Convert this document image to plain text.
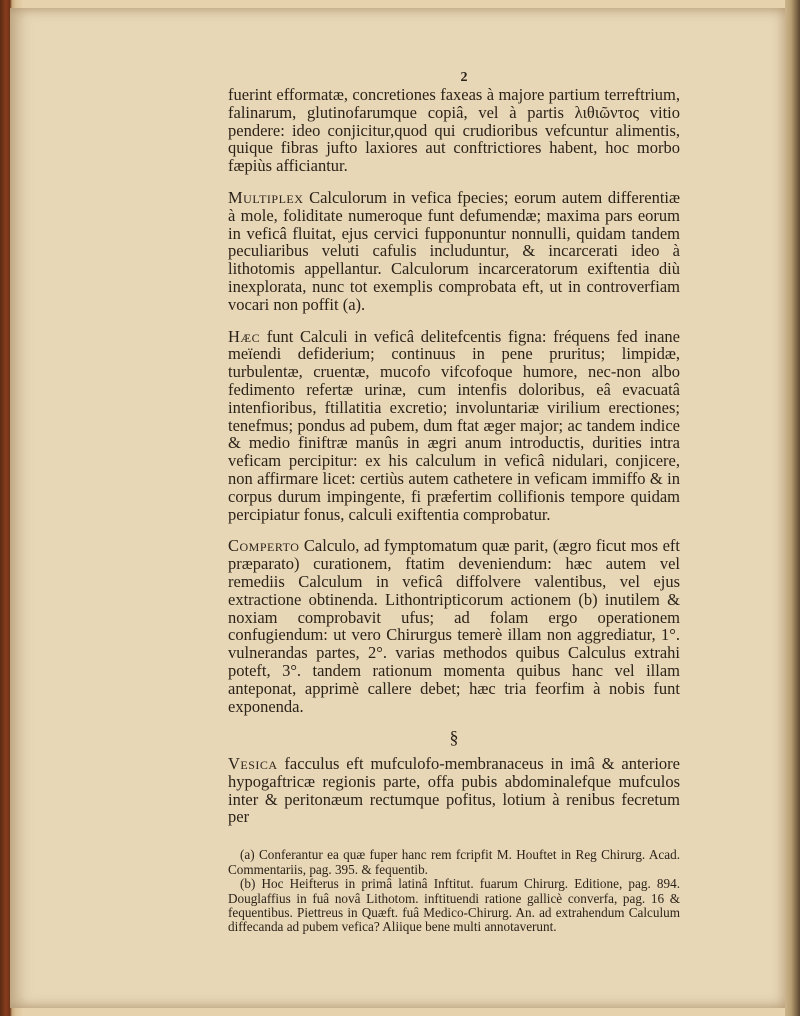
2

fuerint efformatæ, concretiones faxeas à majore partium terreftrium, falinarum, glutinofarumque copiâ, vel à partis λιθιῶντος vitio pendere: ideo conjicitur,quod qui crudioribus vefcuntur alimentis, quique fibras jufto laxiores aut conftrictiores habent, hoc morbo fæpiùs afficiantur.

Multiplex Calculorum in vefica fpecies; eorum autem differentiæ à mole, foliditate numeroque funt defumendæ; maxima pars eorum in veficâ fluitat, ejus cervici fupponuntur nonnulli, quidam tandem peculiaribus veluti cafulis includuntur, & incarcerati ideo à lithotomis appellantur. Calculorum incarceratorum exiftentia diù inexplorata, nunc tot exemplis comprobata eft, ut in controverfiam vocari non poffit (a).

Hæc funt Calculi in veficâ delitefcentis figna: fréquens fed inane meïendi defiderium; continuus in pene pruritus; limpidæ, turbulentæ, cruentæ, mucofo vifcofoque humore, nec-non albo fedimento refertæ urinæ, cum intenfis doloribus, eâ evacuatâ intenfioribus, ftillatitia excretio; involuntariæ virilium erectiones; tenefmus; pondus ad pubem, dum ftat æger major; ac tandem indice & medio finiftræ manûs in ægri anum introductis, durities intra veficam percipitur: ex his calculum in veficâ nidulari, conjicere, non affirmare licet: certiùs autem cathetere in veficam immiffo & in corpus durum impingente, fi præfertim collifionis tempore quidam percipiatur fonus, calculi exiftentia comprobatur.

Comperto Calculo, ad fymptomatum quæ parit, (ægro ficut mos eft præparato) curationem, ftatim deveniendum: hæc autem vel remediis Calculum in veficâ diffolvere valentibus, vel ejus extractione obtinenda. Lithontripticorum actionem (b) inutilem & noxiam comprobavit ufus; ad folam ergo operationem confugiendum: ut vero Chirurgus temerè illam non aggrediatur, 1°. vulnerandas partes, 2°. varias methodos quibus Calculus extrahi poteft, 3°. tandem rationum momenta quibus hanc vel illam anteponat, apprimè callere debet; hæc tria feorfim à nobis funt exponenda.

§

Vesica facculus eft mufculofo-membranaceus in imâ & anteriore hypogaftricæ regionis parte, offa pubis abdominalefque mufculos inter & peritonæum rectumque pofitus, lotium à renibus fecretum per

(a) Conferantur ea quæ fuper hanc rem fcripfit M. Houftet in Reg Chirurg. Acad. Commentariis, pag. 395. & fequentib.

(b) Hoc Heifterus in primâ latinâ Inftitut. fuarum Chirurg. Editione, pag. 894. Douglaffius in fuâ novâ Lithotom. inftituendi ratione gallicè converfa, pag. 16 & fequentibus. Piettreus in Quæft. fuâ Medico-Chirurg. An. ad extrahendum Calculum diffecanda ad pubem vefica? Aliique bene multi annotaverunt.
